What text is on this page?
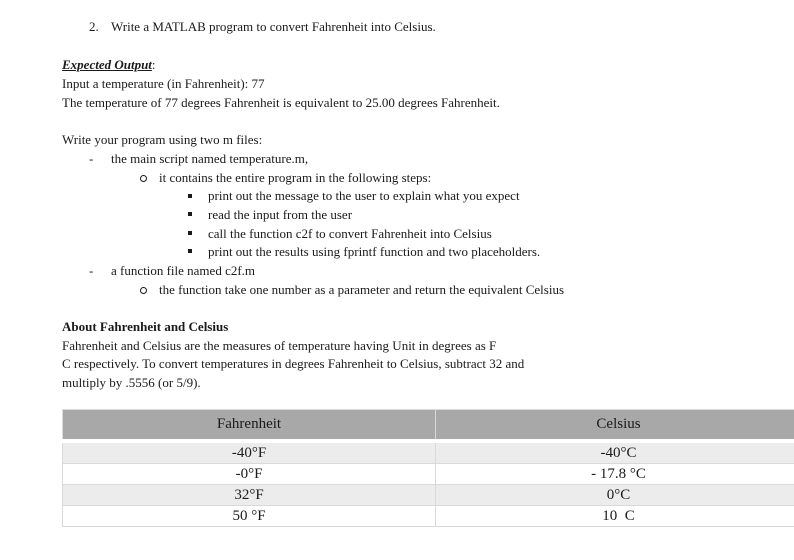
2. Write a MATLAB program to convert Fahrenheit into Celsius.
Expected Output:
Input a temperature (in Fahrenheit): 77
The temperature of 77 degrees Fahrenheit is equivalent to 25.00 degrees Fahrenheit.
Write your program using two m files:
- the main script named temperature.m,
it contains the entire program in the following steps:
print out the message to the user to explain what you expect
read the input from the user
call the function c2f to convert Fahrenheit into Celsius
print out the results using fprintf function and two placeholders.
- a function file named c2f.m
the function take one number as a parameter and return the equivalent Celsius
About Fahrenheit and Celsius
Fahrenheit and Celsius are the measures of temperature having Unit in degrees as F
C respectively. To convert temperatures in degrees Fahrenheit to Celsius, subtract 32 and
multiply by .5556 (or 5/9).
Fahrenheit	Celsius
-40°F	-40°C
-0°F	- 17.8 °C
32°F	0°C
50 °F	10  C
